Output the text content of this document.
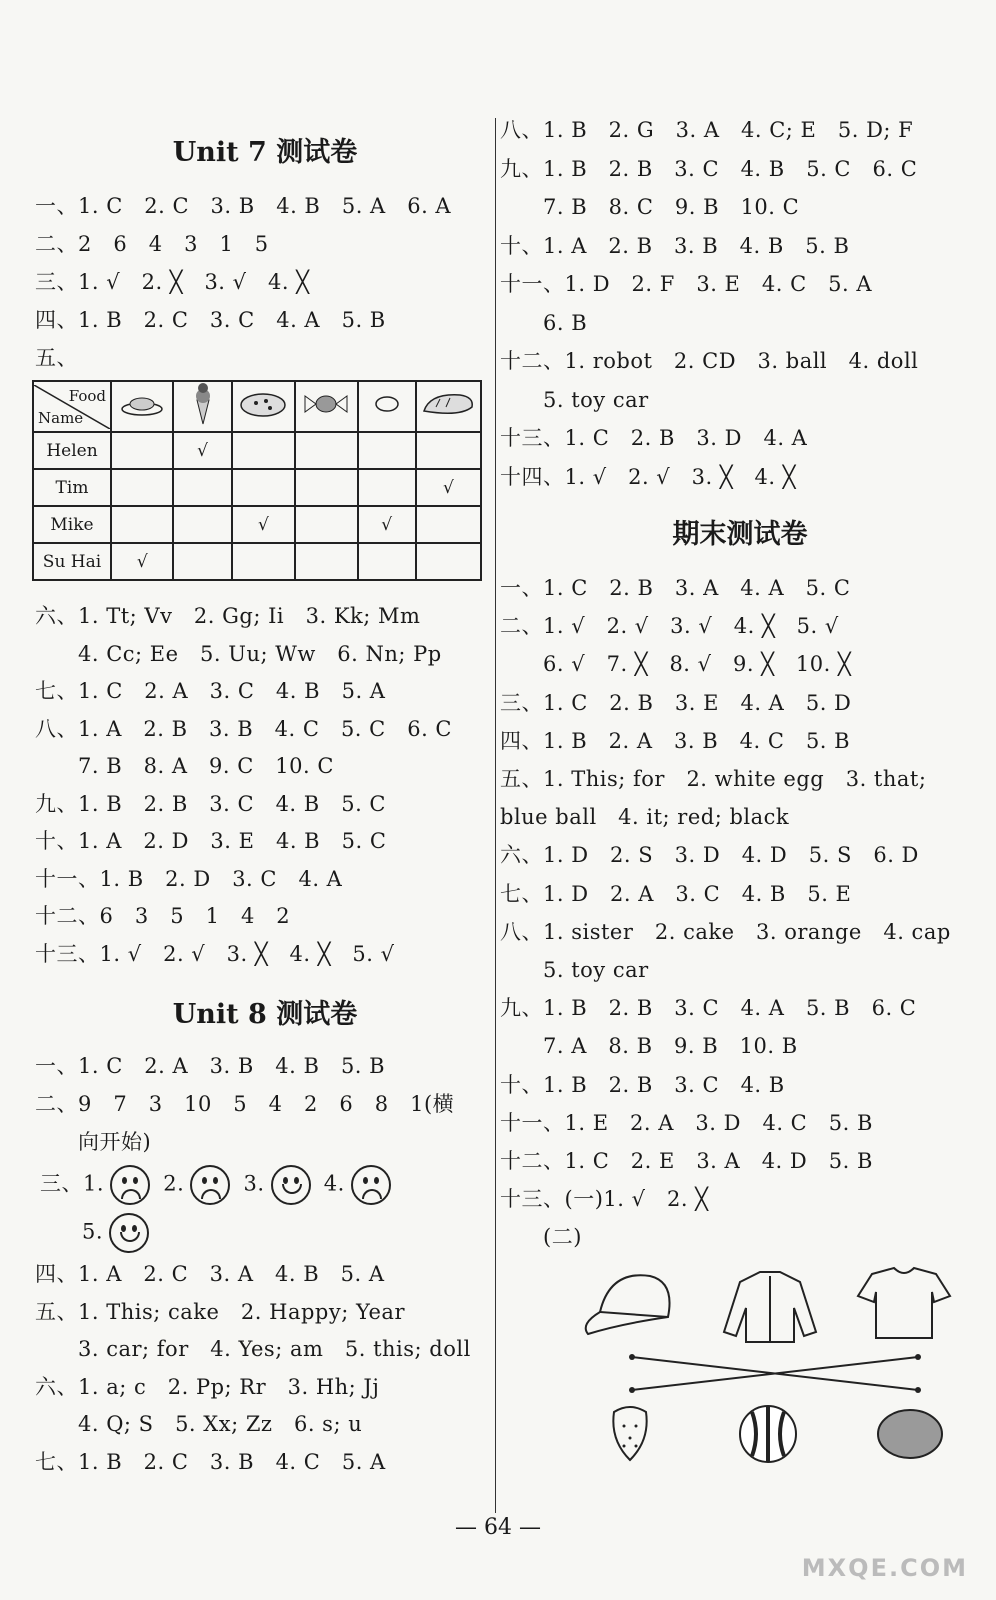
Unit 7 测试卷
一、1. C　2. C　3. B　4. B　5. A　6. A
二、2　6　4　3　1　5
三、1. √　2. ╳　3. √　4. ╳
四、1. B　2. C　3. C　4. A　5. B
五、
Food
Name

Helen		√				
Tim						√
Mike			√		√	
Su Hai	√					
六、1. Tt; Vv　2. Gg; Ii　3. Kk; Mm
　　4. Cc; Ee　5. Uu; Ww　6. Nn; Pp
七、1. C　2. A　3. C　4. B　5. A
八、1. A　2. B　3. B　4. C　5. C　6. C
　　7. B　8. A　9. C　10. C
九、1. B　2. B　3. C　4. B　5. C
十、1. A　2. D　3. E　4. B　5. C
十一、1. B　2. D　3. C　4. A
十二、6　3　5　1　4　2
十三、1. √　2. √　3. ╳　4. ╳　5. √
Unit 8 测试卷
一、1. C　2. A　3. B　4. B　5. B
二、9　7　3　10　5　4　2　6　8　1(横
　　向开始)
三、1.	2.	3.	4.
5.
四、1. A　2. C　3. A　4. B　5. A
五、1. This; cake　2. Happy; Year
　　3. car; for　4. Yes; am　5. this; doll
六、1. a; c　2. Pp; Rr　3. Hh; Jj
　　4. Q; S　5. Xx; Zz　6. s; u
七、1. B　2. C　3. B　4. C　5. A
八、1. B　2. G　3. A　4. C; E　5. D; F
九、1. B　2. B　3. C　4. B　5. C　6. C
　　7. B　8. C　9. B　10. C
十、1. A　2. B　3. B　4. B　5. B
十一、1. D　2. F　3. E　4. C　5. A
　　6. B
十二、1. robot　2. CD　3. ball　4. doll
　　5. toy car
十三、1. C　2. B　3. D　4. A
十四、1. √　2. √　3. ╳　4. ╳
期末测试卷
一、1. C　2. B　3. A　4. A　5. C
二、1. √　2. √　3. √　4. ╳　5. √
　　6. √　7. ╳　8. √　9. ╳　10. ╳
三、1. C　2. B　3. E　4. A　5. D
四、1. B　2. A　3. B　4. C　5. B
五、1. This; for　2. white egg　3. that;
blue ball　4. it; red; black
六、1. D　2. S　3. D　4. D　5. S　6. D
七、1. D　2. A　3. C　4. B　5. E
八、1. sister　2. cake　3. orange　4. cap
　　5. toy car
九、1. B　2. B　3. C　4. A　5. B　6. C
　　7. A　8. B　9. B　10. B
十、1. B　2. B　3. C　4. B
十一、1. E　2. A　3. D　4. C　5. B
十二、1. C　2. E　3. A　4. D　5. B
十三、(一)1. √　2. ╳
　　(二)
— 64 —
MXQE.COM
